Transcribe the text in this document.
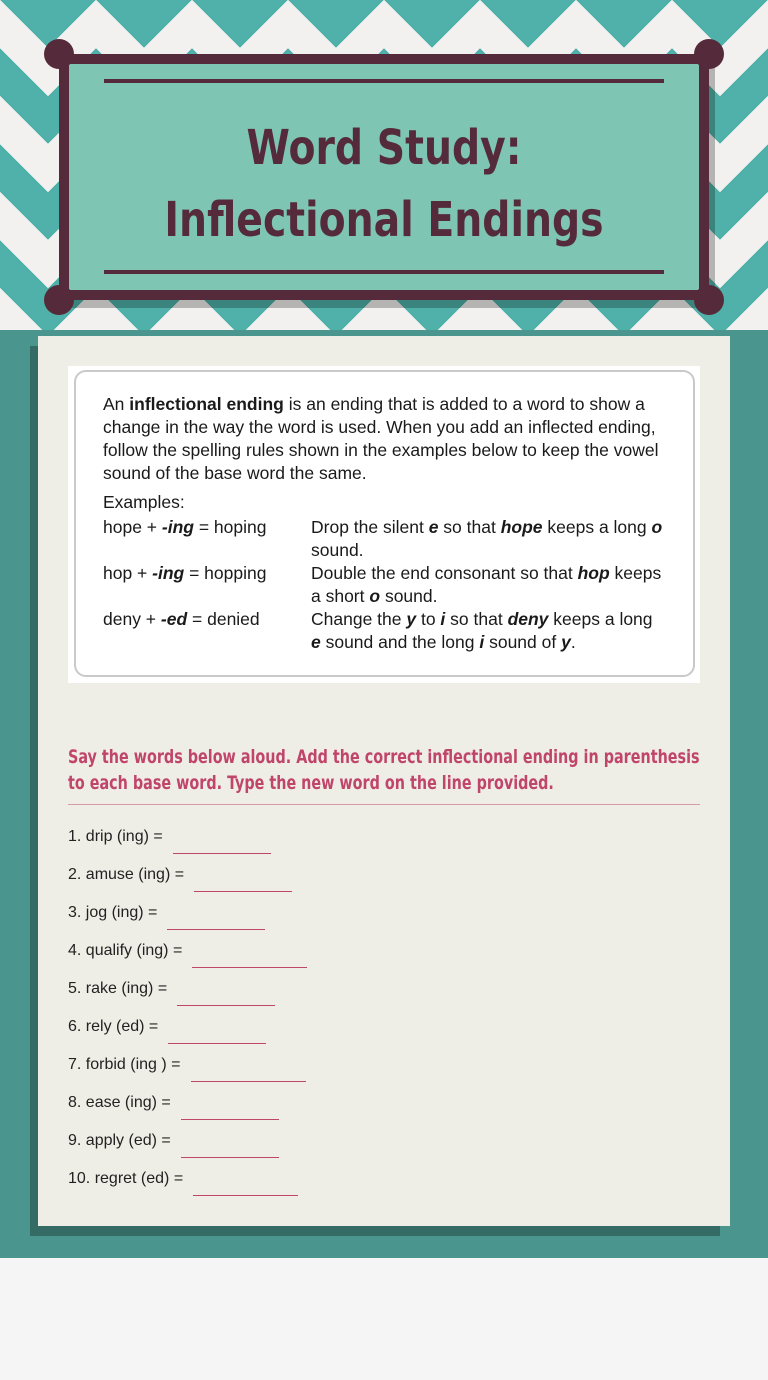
Word Study: Inflectional Endings
An inflectional ending is an ending that is added to a word to show a change in the way the word is used. When you add an inflected ending, follow the spelling rules shown in the examples below to keep the vowel sound of the base word the same.
Examples:
hope + -ing = hoping	Drop the silent e so that hope keeps a long o sound.
hop + -ing = hopping	Double the end consonant so that hop keeps a short o sound.
deny + -ed = denied	Change the y to i so that deny keeps a long e sound and the long i sound of y.
Say the words below aloud. Add the correct inflectional ending in parenthesis to each base word. Type the new word on the line provided.
1. drip (ing) =
2. amuse (ing) =
3. jog (ing) =
4. qualify (ing) =
5. rake (ing) =
6. rely (ed) =
7. forbid (ing ) =
8. ease (ing) =
9. apply (ed) =
10. regret (ed) =
